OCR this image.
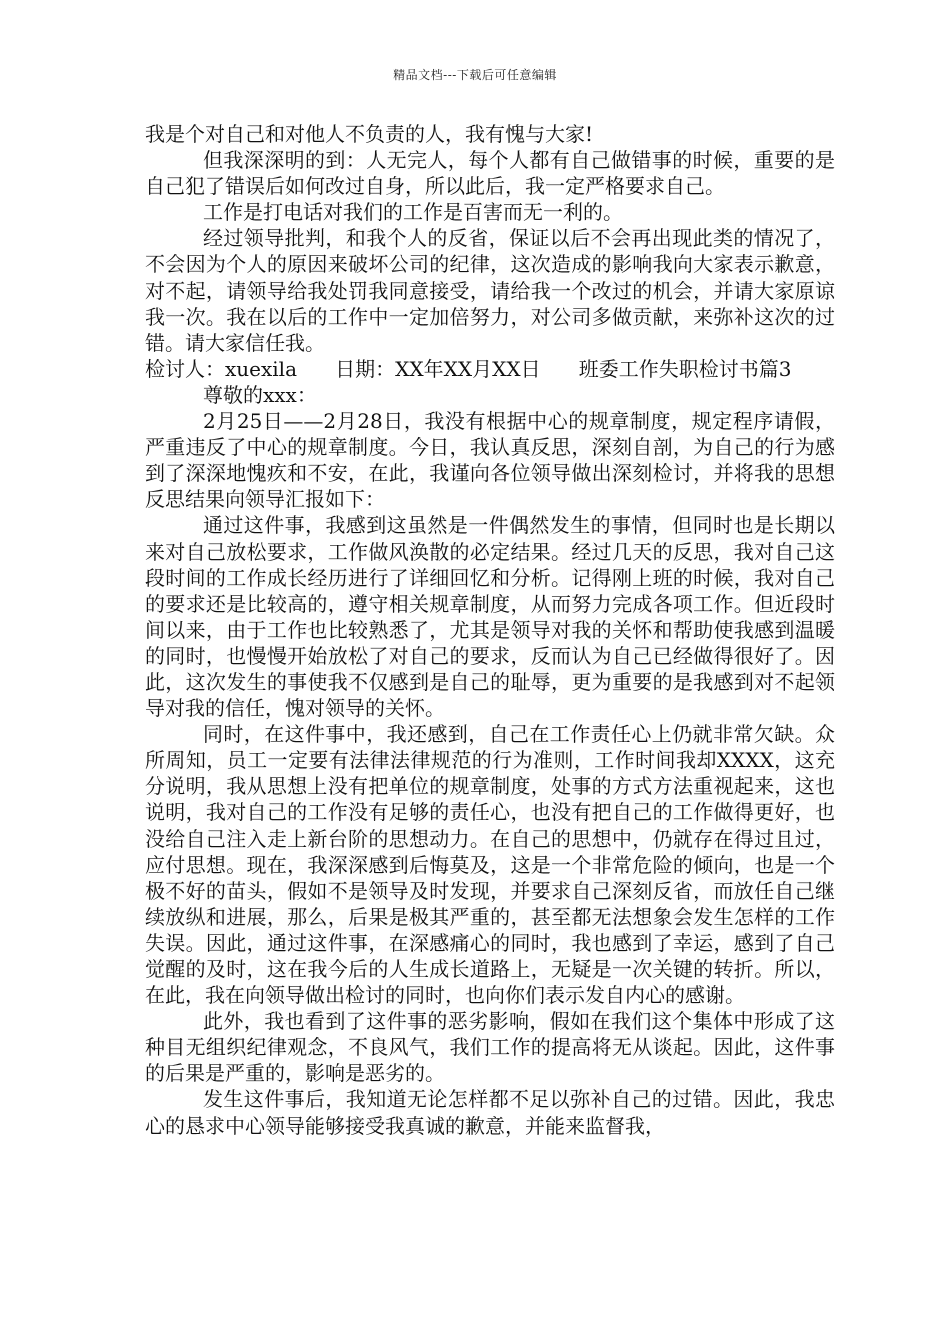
精品文档---下载后可任意编辑

我是个对自己和对他人不负责的人，我有愧与大家!

但我深深明的到：人无完人，每个人都有自己做错事的时候，重要的是自己犯了错误后如何改过自身，所以此后，我一定严格要求自己。

工作是打电话对我们的工作是百害而无一利的。

经过领导批判，和我个人的反省，保证以后不会再出现此类的情况了，不会因为个人的原因来破坏公司的纪律，这次造成的影响我向大家表示歉意，对不起，请领导给我处罚我同意接受，请给我一个改过的机会，并请大家原谅我一次。我在以后的工作中一定加倍努力，对公司多做贡献，来弥补这次的过错。请大家信任我。

检讨人：xuexila      日期：XX年XX月XX日      班委工作失职检讨书篇3

尊敬的xxx：

2月25日——2月28日，我没有根据中心的规章制度，规定程序请假，严重违反了中心的规章制度。今日，我认真反思，深刻自剖，为自己的行为感到了深深地愧疚和不安，在此，我谨向各位领导做出深刻检讨，并将我的思想反思结果向领导汇报如下：

通过这件事，我感到这虽然是一件偶然发生的事情，但同时也是长期以来对自己放松要求，工作做风涣散的必定结果。经过几天的反思，我对自己这段时间的工作成长经历进行了详细回忆和分析。记得刚上班的时候，我对自己的要求还是比较高的，遵守相关规章制度，从而努力完成各项工作。但近段时间以来，由于工作也比较熟悉了，尤其是领导对我的关怀和帮助使我感到温暖的同时，也慢慢开始放松了对自己的要求，反而认为自己已经做得很好了。因此，这次发生的事使我不仅感到是自己的耻辱，更为重要的是我感到对不起领导对我的信任，愧对领导的关怀。

同时，在这件事中，我还感到，自己在工作责任心上仍就非常欠缺。众所周知，员工一定要有法律法律规范的行为准则，工作时间我却XXXX，这充分说明，我从思想上没有把单位的规章制度，处事的方式方法重视起来，这也说明，我对自己的工作没有足够的责任心，也没有把自己的工作做得更好，也没给自己注入走上新台阶的思想动力。在自己的思想中，仍就存在得过且过，应付思想。现在，我深深感到后悔莫及，这是一个非常危险的倾向，也是一个极不好的苗头，假如不是领导及时发现，并要求自己深刻反省，而放任自己继续放纵和进展，那么，后果是极其严重的，甚至都无法想象会发生怎样的工作失误。因此，通过这件事，在深感痛心的同时，我也感到了幸运，感到了自己觉醒的及时，这在我今后的人生成长道路上，无疑是一次关键的转折。所以，在此，我在向领导做出检讨的同时，也向你们表示发自内心的感谢。

此外，我也看到了这件事的恶劣影响，假如在我们这个集体中形成了这种目无组织纪律观念，不良风气，我们工作的提高将无从谈起。因此，这件事的后果是严重的，影响是恶劣的。

发生这件事后，我知道无论怎样都不足以弥补自己的过错。因此，我忠心的恳求中心领导能够接受我真诚的歉意，并能来监督我，
